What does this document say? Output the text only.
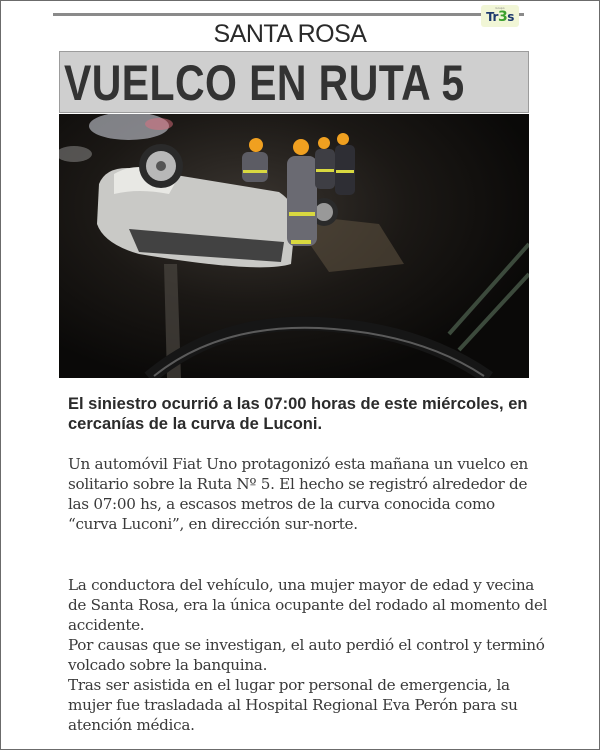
Grupo
Tr3s
SANTA ROSA
VUELCO EN RUTA 5
El siniestro ocurrió a las 07:00 horas de este miércoles, en cercanías de la curva de Luconi.

Un automóvil Fiat Uno protagonizó esta mañana un vuelco en solitario sobre la Ruta Nº 5. El hecho se registró alrededor de las 07:00 hs, a escasos metros de la curva conocida como “curva Luconi”, en dirección sur-norte.

La conductora del vehículo, una mujer mayor de edad y vecina de Santa Rosa, era la única ocupante del rodado al momento del accidente.

Por causas que se investigan, el auto perdió el control y terminó volcado sobre la banquina.

Tras ser asistida en el lugar por personal de emergencia, la mujer fue trasladada al Hospital Regional Eva Perón para su atención médica.
